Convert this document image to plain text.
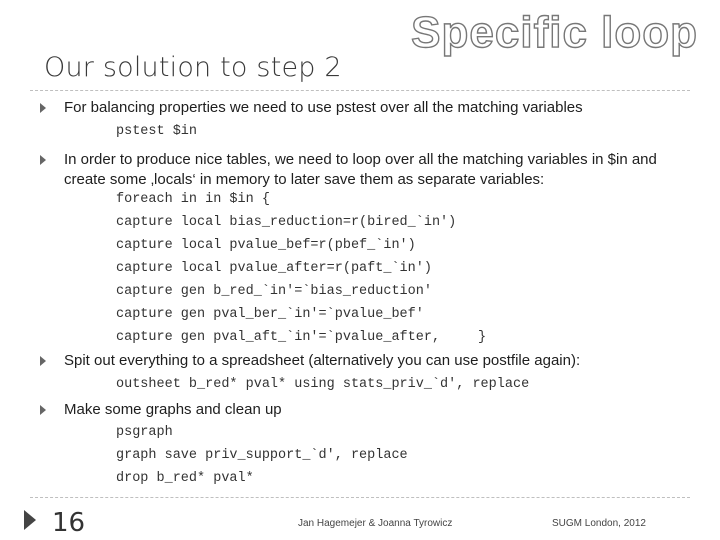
Specific loop
Our solution to step 2
For balancing properties we need to use pstest over all the matching variables
pstest $in
In order to produce nice tables, we need to loop over all the matching variables in $in and create some ‚locals‘ in memory to later save them as separate variables:
foreach in in $in {
capture local bias_reduction=r(bired_`in')
capture local pvalue_bef=r(pbef_`in')
capture local pvalue_after=r(paft_`in')
capture gen b_red_`in'=`bias_reduction'
capture gen pval_ber_`in'=`pvalue_bef'
capture gen pval_aft_`in'=`pvalue_after,	}
Spit out everything to a spreadsheet (alternatively you can use postfile again):
outsheet b_red* pval* using stats_priv_`d', replace
Make some graphs and clean up
psgraph
graph save priv_support_`d', replace
drop b_red* pval*
16	Jan Hagemejer & Joanna Tyrowicz	SUGM London, 2012
